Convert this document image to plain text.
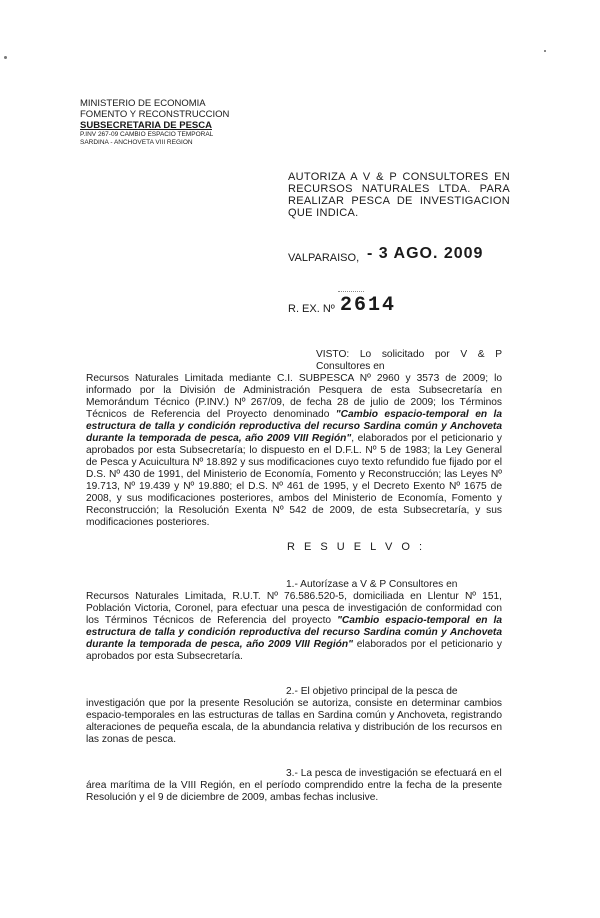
MINISTERIO DE ECONOMIA
FOMENTO Y RECONSTRUCCION
SUBSECRETARIA DE PESCA
P.INV 267-09 CAMBIO ESPACIO TEMPORAL
SARDINA - ANCHOVETA VIII REGION
AUTORIZA A V & P CONSULTORES EN RECURSOS NATURALES LTDA. PARA REALIZAR PESCA DE INVESTIGACION QUE INDICA.
VALPARAISO, - 3 AGO. 2009
R. EX. Nº 2614
VISTO: Lo solicitado por V & P Consultores en
Recursos Naturales Limitada mediante C.I. SUBPESCA Nº 2960 y 3573 de 2009; lo informado por la División de Administración Pesquera de esta Subsecretaría en Memorándum Técnico (P.INV.) Nº 267/09, de fecha 28 de julio de 2009; los Términos Técnicos de Referencia del Proyecto denominado "Cambio espacio-temporal en la estructura de talla y condición reproductiva del recurso Sardina común y Anchoveta durante la temporada de pesca, año 2009 VIII Región", elaborados por el peticionario y aprobados por esta Subsecretaría; lo dispuesto en el D.F.L. Nº 5 de 1983; la Ley General de Pesca y Acuicultura Nº 18.892 y sus modificaciones cuyo texto refundido fue fijado por el D.S. Nº 430 de 1991, del Ministerio de Economía, Fomento y Reconstrucción; las Leyes Nº 19.713, Nº 19.439 y Nº 19.880; el D.S. Nº 461 de 1995, y el Decreto Exento Nº 1675 de 2008, y sus modificaciones posteriores, ambos del Ministerio de Economía, Fomento y Reconstrucción; la Resolución Exenta Nº 542 de 2009, de esta Subsecretaría, y sus modificaciones posteriores.
R E S U E L V O :
1.- Autorízase a V & P Consultores en
Recursos Naturales Limitada, R.U.T. Nº 76.586.520-5, domiciliada en Llentur Nº 151, Población Victoria, Coronel, para efectuar una pesca de investigación de conformidad con los Términos Técnicos de Referencia del proyecto "Cambio espacio-temporal en la estructura de talla y condición reproductiva del recurso Sardina común y Anchoveta durante la temporada de pesca, año 2009 VIII Región" elaborados por el peticionario y aprobados por esta Subsecretaría.
2.- El objetivo principal de la pesca de
investigación que por la presente Resolución se autoriza, consiste en determinar cambios espacio-temporales en las estructuras de tallas en Sardina común y Anchoveta, registrando alteraciones de pequeña escala, de la abundancia relativa y distribución de los recursos en las zonas de pesca.
3.- La pesca de investigación se efectuará en el
área marítima de la VIII Región, en el período comprendido entre la fecha de la presente Resolución y el 9 de diciembre de 2009, ambas fechas inclusive.
